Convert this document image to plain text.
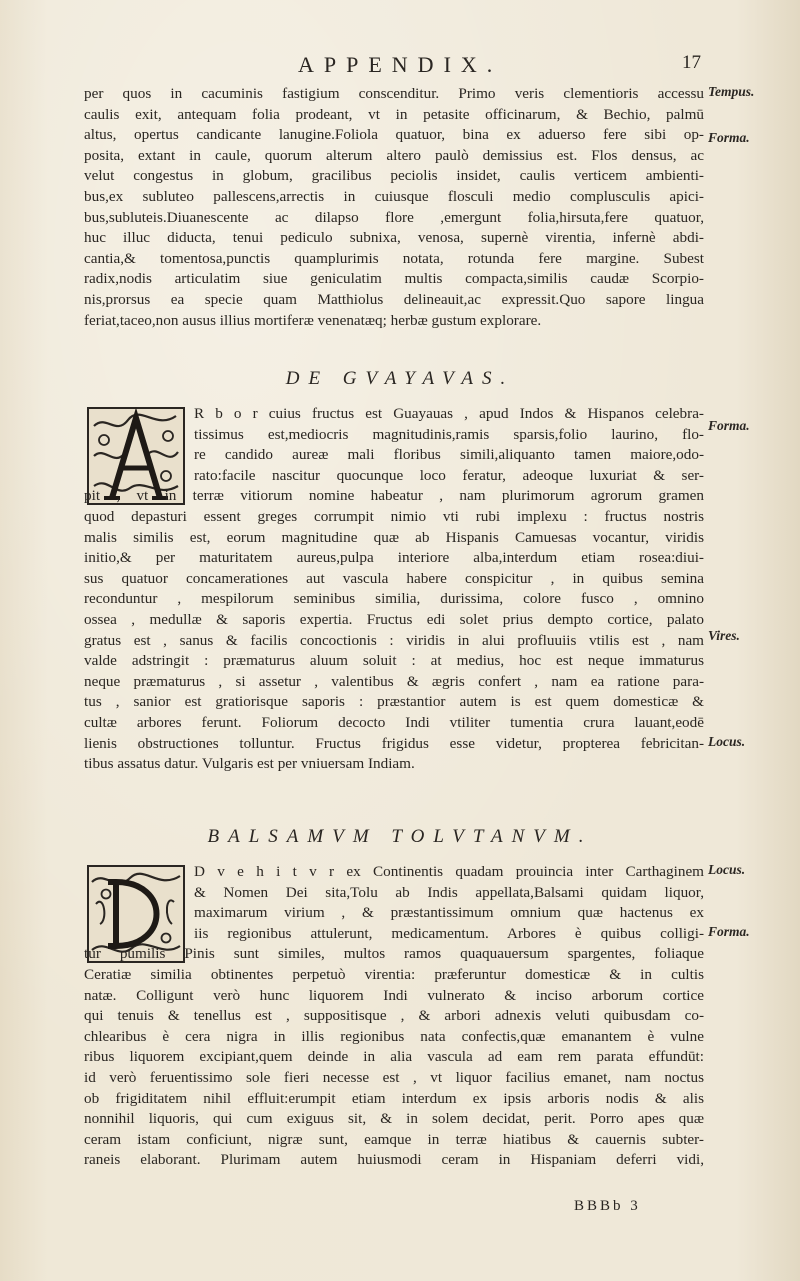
APPENDIX.	17
per quos in cacuminis fastigium conscenditur. Primo veris clementioris accessu
caulis exit, antequam folia prodeant, vt in petasite officinarum, & Bechio, palmū
altus, opertus candicante lanugine.Foliola quatuor, bina ex aduerso fere sibi op-
posita, extant in caule, quorum alterum altero paulò demissius est. Flos densus, ac
velut congestus in globum, gracilibus peciolis insidet, caulis verticem ambienti-
bus,ex subluteo pallescens,arrectis in cuiusque flosculi medio complusculis apici-
bus,subluteis.Diuanescente ac dilapso flore ,emergunt folia,hirsuta,fere quatuor,
huc illuc diducta, tenui pediculo subnixa, venosa, supernè virentia, infernè abdi-
cantia,& tomentosa,punctis quamplurimis notata, rotunda fere margine. Subest
radix,nodis articulatim siue geniculatim multis compacta,similis caudæ Scorpio-
nis,prorsus ea specie quam Matthiolus delineauit,ac expressit.Quo sapore lingua
feriat,taceo,non ausus illius mortiferæ venenatæq; herbæ gustum explorare.
DE GVAYAVAS.
R b o r cuius fructus est Guayauas , apud Indos & Hispanos celebra-
tissimus est,mediocris magnitudinis,ramis sparsis,folio laurino, flo-
re candido aureæ mali floribus simili,aliquanto tamen maiore,odo-
rato:facile nascitur quocunque loco feratur, adeoque luxuriat & ser-
pit , vt in terræ vitiorum nomine habeatur , nam plurimorum agrorum gramen
quod depasturi essent greges corrumpit nimio vti rubi implexu : fructus nostris
malis similis est, eorum magnitudine quæ ab Hispanis Camuesas vocantur, viridis
initio,& per maturitatem aureus,pulpa interiore alba,interdum etiam rosea:diui-
sus quatuor concamerationes aut vascula habere conspicitur , in quibus semina
reconduntur , mespilorum seminibus similia, durissima, colore fusco , omnino
ossea , medullæ & saporis expertia. Fructus edi solet prius dempto cortice, palato
gratus est , sanus & facilis concoctionis : viridis in alui profluuiis vtilis est , nam
valde adstringit : præmaturus aluum soluit : at medius, hoc est neque immaturus
neque præmaturus , si assetur , valentibus & ægris confert , nam ea ratione para-
tus , sanior est gratiorisque saporis : præstantior autem is est quem domesticæ &
cultæ arbores ferunt. Foliorum decocto Indi vtiliter tumentia crura lauant,eodē
lienis obstructiones tolluntur. Fructus frigidus esse videtur, propterea febricitan-
tibus assatus datur. Vulgaris est per vniuersam Indiam.
BALSAMVM TOLVTANVM.
D v e h i t v r ex Continentis quadam prouincia inter Carthaginem
& Nomen Dei sita,Tolu ab Indis appellata,Balsami quidam liquor,
maximarum virium , & præstantissimum omnium quæ hactenus ex
iis regionibus attulerunt, medicamentum. Arbores è quibus colligi-
tur pumilis Pinis sunt similes, multos ramos quaquauersum spargentes, foliaque
Ceratiæ similia obtinentes perpetuò virentia: præferuntur domesticæ & in cultis
natæ. Colligunt verò hunc liquorem Indi vulnerato & inciso arborum cortice
qui tenuis & tenellus est , suppositisque , & arbori adnexis veluti quibusdam co-
chlearibus è cera nigra in illis regionibus nata confectis,quæ emanantem è vulne
ribus liquorem excipiant,quem deinde in alia vascula ad eam rem parata effundūt:
id verò feruentissimo sole fieri necesse est , vt liquor facilius emanet, nam noctus
ob frigiditatem nihil effluit:erumpit etiam interdum ex ipsis arboris nodis & alis
nonnihil liquoris, qui cum exiguus sit, & in solem decidat, perit. Porro apes quæ
ceram istam conficiunt, nigræ sunt, eamque in terræ hiatibus & cauernis subter-
raneis elaborant. Plurimam autem huiusmodi ceram in Hispaniam deferri vidi,
BBBb 3
Tempus.
Forma.
Forma.
Vires.
Locus.
Locus.
Forma.
